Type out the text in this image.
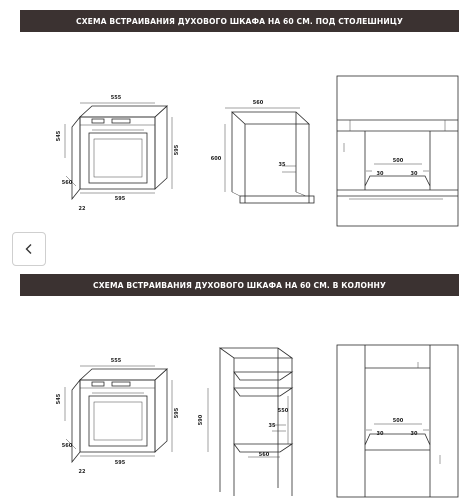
СХЕМА ВСТРАИВАНИЯ ДУХОВОГО ШКАФА НА 60 СМ. ПОД СТОЛЕШНИЦУ
СХЕМА ВСТРАИВАНИЯ ДУХОВОГО ШКАФА НА 60 СМ. В КОЛОННУ
555
545
595
595
560
22
560
600
35
500
30	30
555
545
595
595
560
22
590
550
35
560
500
30	30
